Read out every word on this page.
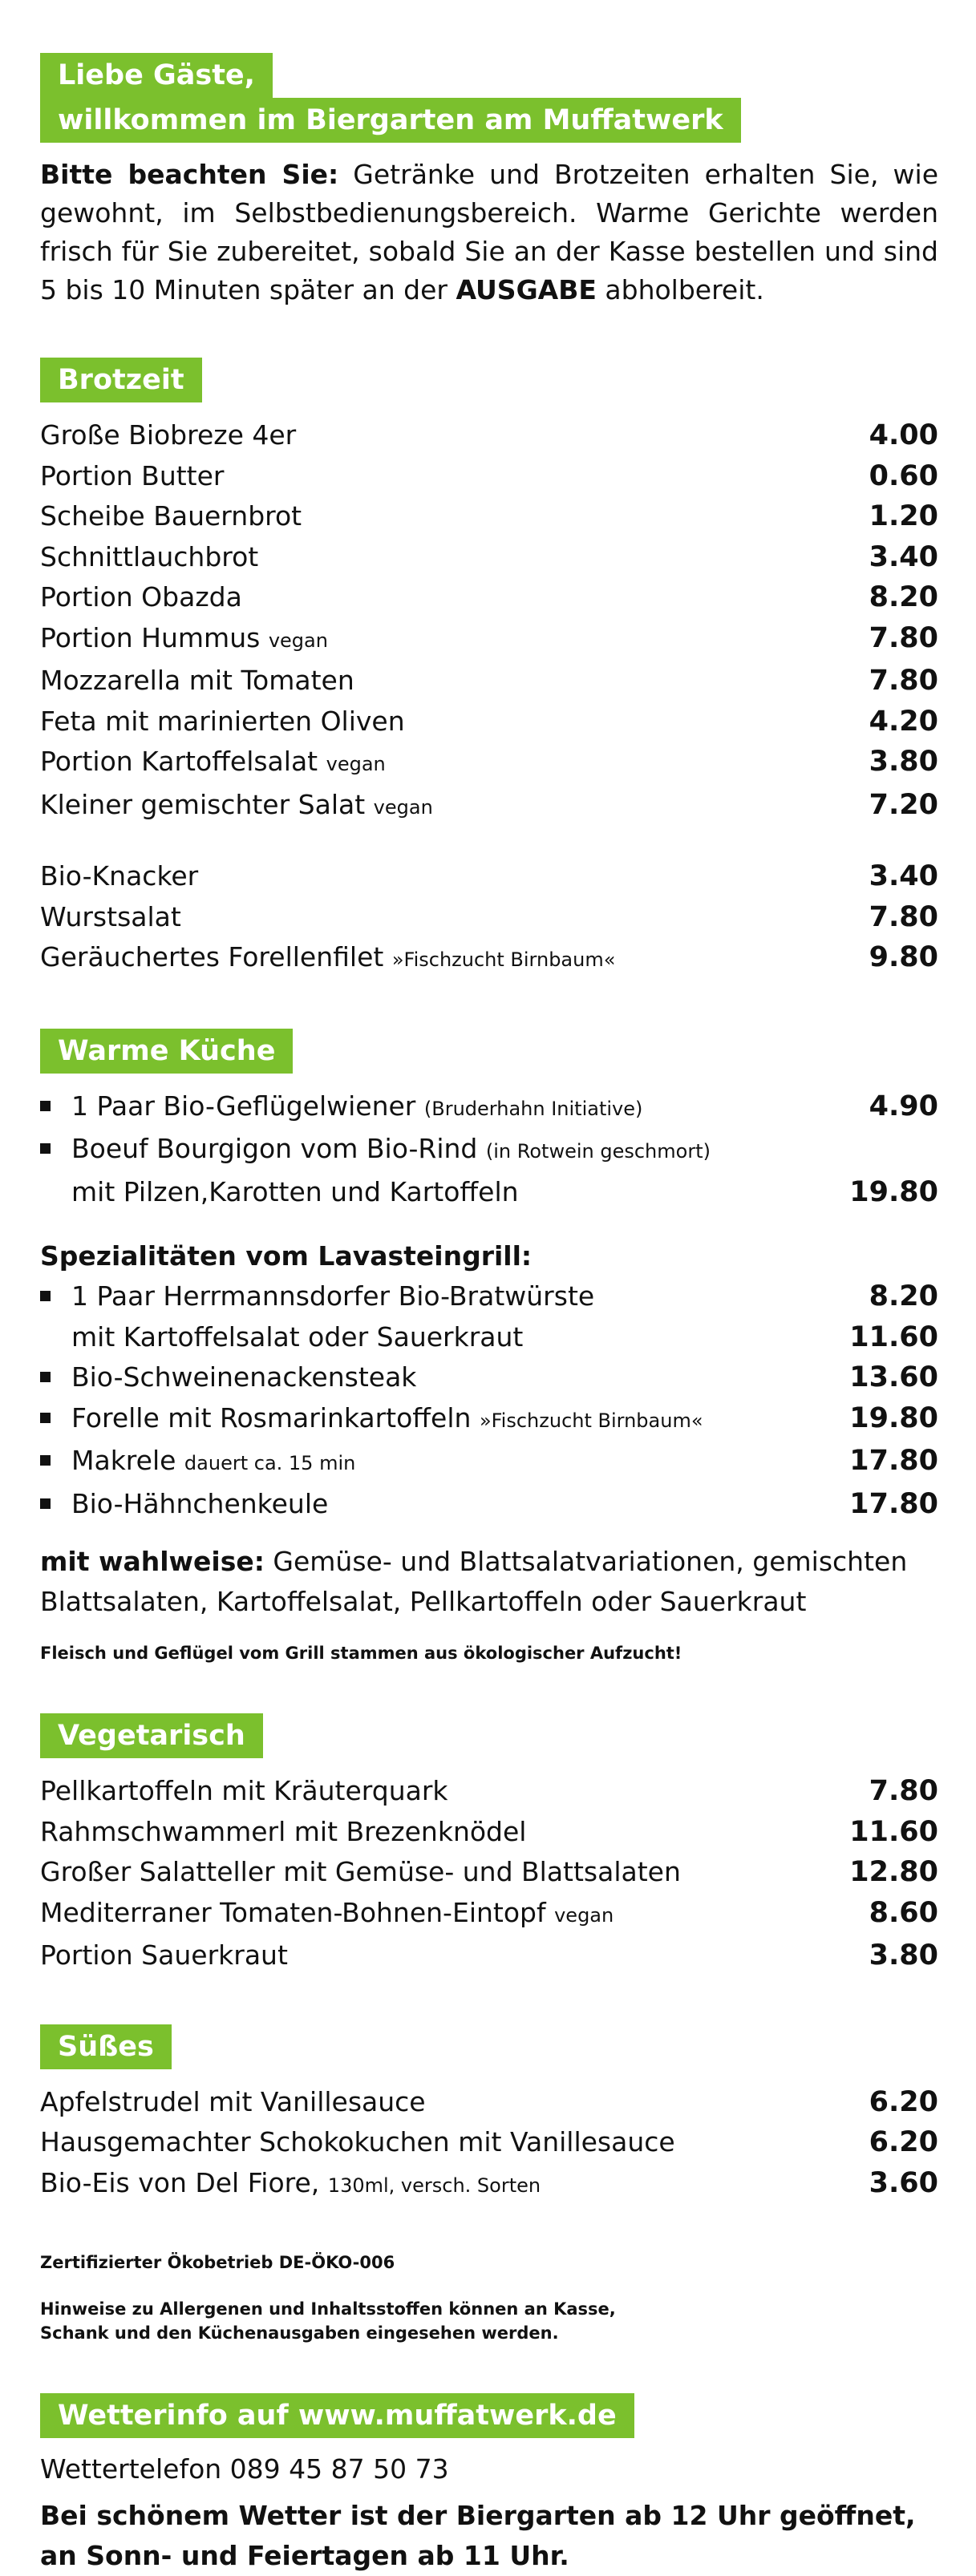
Liebe Gäste,
willkommen im Biergarten am Muffatwerk
Bitte beachten Sie: Getränke und Brotzeiten erhalten Sie, wie gewohnt, im Selbstbedienungsbereich. Warme Gerichte werden frisch für Sie zubereitet, sobald Sie an der Kasse bestellen und sind 5 bis 10 Minuten später an der AUSGABE abholbereit.
Brotzeit
Große Biobreze 4er	4.00
Portion Butter	0.60
Scheibe Bauernbrot	1.20
Schnittlauchbrot	3.40
Portion Obazda	8.20
Portion Hummus vegan	7.80
Mozzarella mit Tomaten	7.80
Feta mit marinierten Oliven	4.20
Portion Kartoffelsalat vegan	3.80
Kleiner gemischter Salat vegan	7.20
Bio-Knacker	3.40
Wurstsalat	7.80
Geräuchertes Forellenfilet »Fischzucht Birnbaum«	9.80
Warme Küche
1 Paar Bio-Geflügelwiener (Bruderhahn Initiative)	4.90
Boeuf Bourgigon vom Bio-Rind (in Rotwein geschmort)
mit Pilzen,Karotten und Kartoffeln	19.80
Spezialitäten vom Lavasteingrill:
1 Paar Herrmannsdorfer Bio-Bratwürste	8.20
mit Kartoffelsalat oder Sauerkraut	11.60
Bio-Schweinenackensteak	13.60
Forelle mit Rosmarinkartoffeln »Fischzucht Birnbaum«	19.80
Makrele dauert ca. 15 min	17.80
Bio-Hähnchenkeule	17.80
mit wahlweise: Gemüse- und Blattsalatvariationen, gemischten Blattsalaten, Kartoffelsalat, Pellkartoffeln oder Sauerkraut
Fleisch und Geflügel vom Grill stammen aus ökologischer Aufzucht!
Vegetarisch
Pellkartoffeln mit Kräuterquark	7.80
Rahmschwammerl mit Brezenknödel	11.60
Großer Salatteller mit Gemüse- und Blattsalaten	12.80
Mediterraner Tomaten-Bohnen-Eintopf vegan	8.60
Portion Sauerkraut	3.80
Süßes
Apfelstrudel mit Vanillesauce	6.20
Hausgemachter Schokokuchen mit Vanillesauce	6.20
Bio-Eis von Del Fiore, 130ml, versch. Sorten	3.60
Zertifizierter Ökobetrieb DE-ÖKO-006
Hinweise zu Allergenen und Inhaltsstoffen können an Kasse,
Schank und den Küchenausgaben eingesehen werden.
Wetterinfo auf www.muffatwerk.de
Wettertelefon 089 45 87 50 73
Bei schönem Wetter ist der Biergarten ab 12 Uhr geöffnet,
an Sonn- und Feiertagen ab 11 Uhr.
